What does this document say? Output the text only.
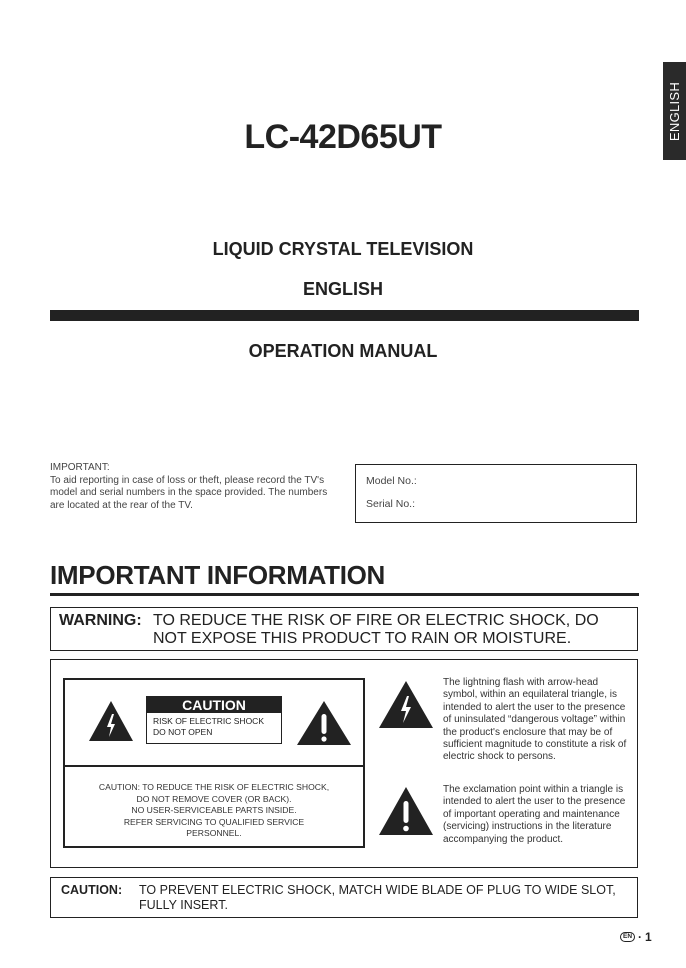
ENGLISH
LC-42D65UT
LIQUID CRYSTAL TELEVISION
ENGLISH
OPERATION MANUAL
IMPORTANT:
To aid reporting in case of loss or theft, please record the TV's model and serial numbers in the space provided. The numbers are located at the rear of the TV.
Model No.:
Serial No.:
IMPORTANT INFORMATION
WARNING: TO REDUCE THE RISK OF FIRE OR ELECTRIC SHOCK, DO NOT EXPOSE THIS PRODUCT TO RAIN OR MOISTURE.
CAUTION
RISK OF ELECTRIC SHOCK
DO NOT OPEN
CAUTION: TO REDUCE THE RISK OF ELECTRIC SHOCK,
DO NOT REMOVE COVER (OR BACK).
NO USER-SERVICEABLE PARTS INSIDE.
REFER SERVICING TO QUALIFIED SERVICE
PERSONNEL.
The lightning flash with arrow-head symbol, within an equilateral triangle, is intended to alert the user to the presence of uninsulated “dangerous voltage” within the product's enclosure that may be of sufficient magnitude to constitute a risk of electric shock to persons.
The exclamation point within a triangle is intended to alert the user to the presence of important operating and maintenance (servicing) instructions in the literature accompanying the product.
CAUTION: TO PREVENT ELECTRIC SHOCK, MATCH WIDE BLADE OF PLUG TO WIDE SLOT, FULLY INSERT.
EN · 1
